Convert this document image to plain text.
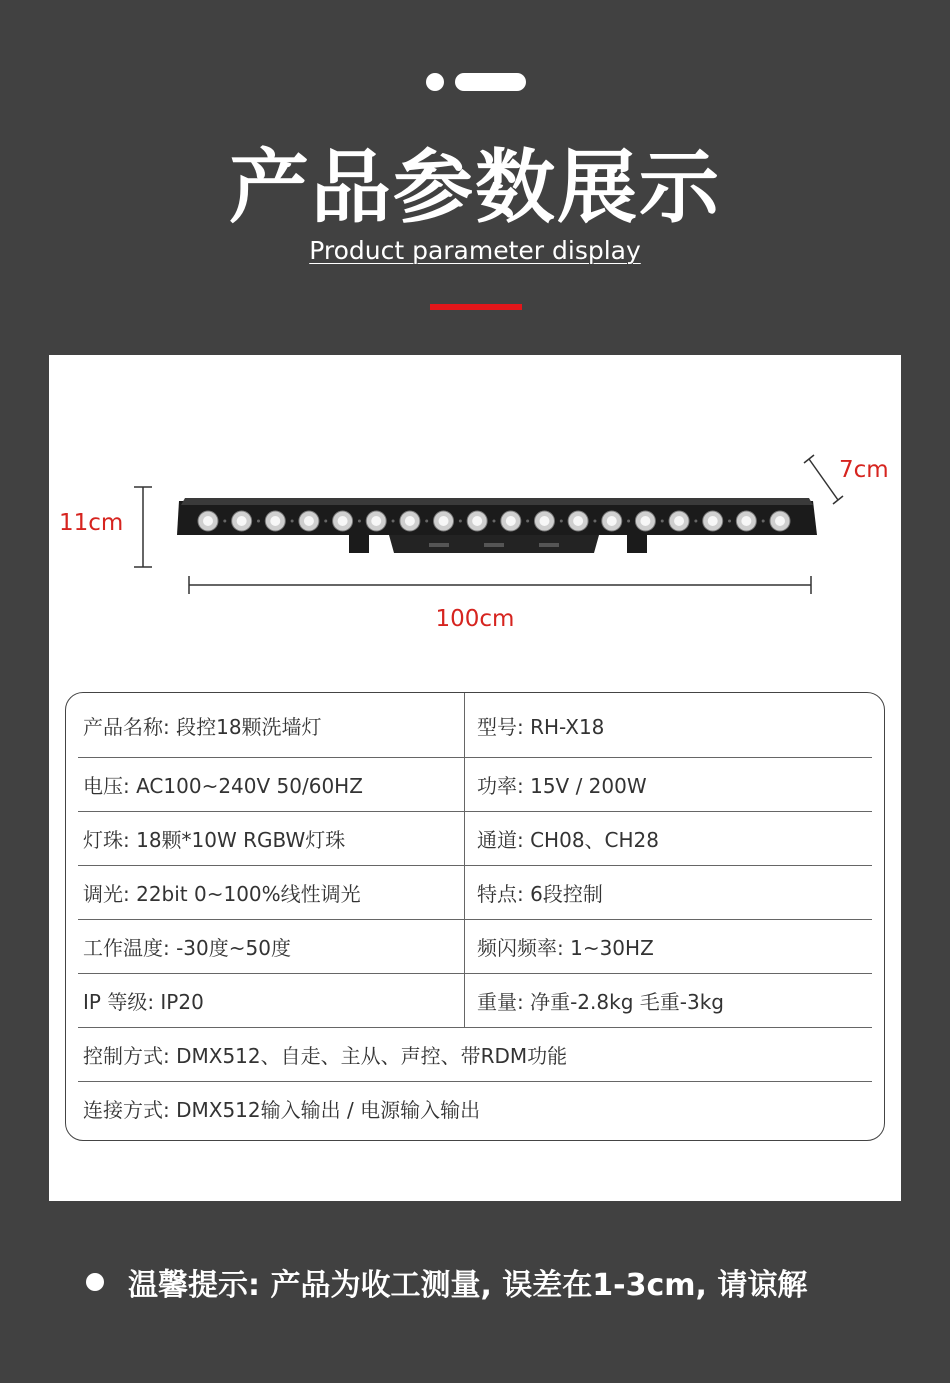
产品参数展示
Product parameter display
11cm
7cm
100cm
产品名称: 段控18颗洗墙灯	型号: RH-X18
电压: AC100~240V 50/60HZ	功率: 15V / 200W
灯珠: 18颗*10W RGBW灯珠	通道: CH08、CH28
调光: 22bit 0~100%线性调光	特点: 6段控制
工作温度: -30度~50度	频闪频率: 1~30HZ
IP 等级: IP20	重量: 净重-2.8kg 毛重-3kg
控制方式: DMX512、自走、主从、声控、带RDM功能
连接方式: DMX512输入输出 / 电源输入输出
温馨提示: 产品为收工测量, 误差在1-3cm, 请谅解
